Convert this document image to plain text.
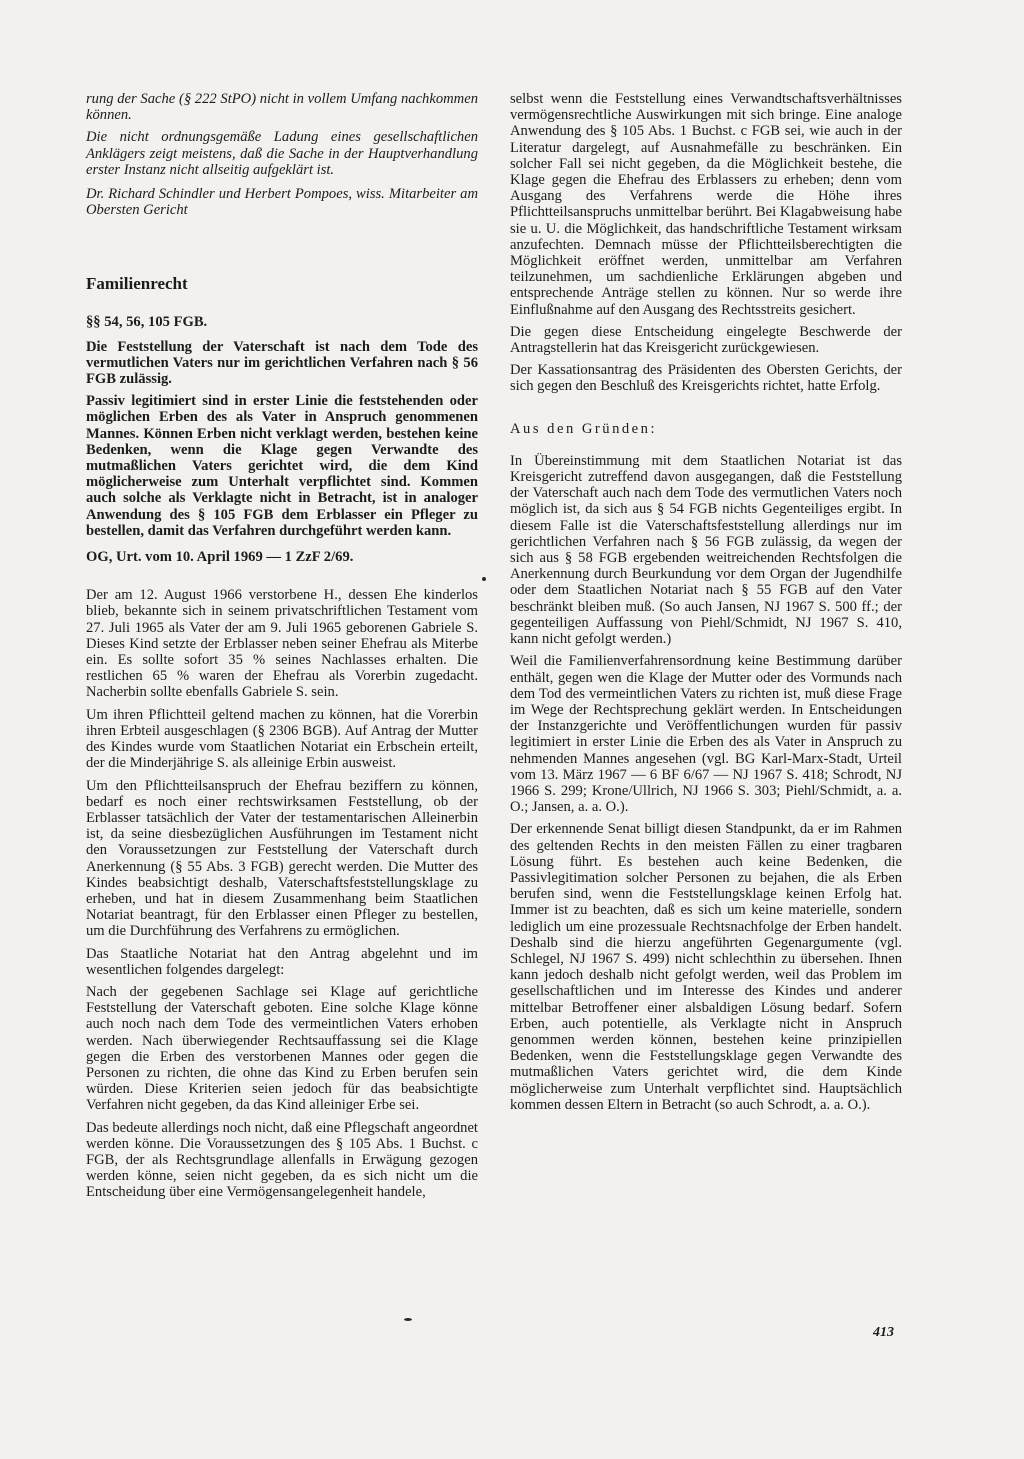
rung der Sache (§ 222 StPO) nicht in vollem Umfang nachkommen können.

Die nicht ordnungsgemäße Ladung eines gesellschaftlichen Anklägers zeigt meistens, daß die Sache in der Hauptverhandlung erster Instanz nicht allseitig aufgeklärt ist.

Dr. Richard Schindler und Herbert Pompoes, wiss. Mitarbeiter am Obersten Gericht

Familienrecht

§§ 54, 56, 105 FGB.

Die Feststellung der Vaterschaft ist nach dem Tode des vermutlichen Vaters nur im gerichtlichen Verfahren nach § 56 FGB zulässig.

Passiv legitimiert sind in erster Linie die feststehenden oder möglichen Erben des als Vater in Anspruch genommenen Mannes. Können Erben nicht verklagt werden, bestehen keine Bedenken, wenn die Klage gegen Verwandte des mutmaßlichen Vaters gerichtet wird, die dem Kind möglicherweise zum Unterhalt verpflichtet sind. Kommen auch solche als Verklagte nicht in Betracht, ist in analoger Anwendung des § 105 FGB dem Erblasser ein Pfleger zu bestellen, damit das Verfahren durchgeführt werden kann.

OG, Urt. vom 10. April 1969 — 1 ZzF 2/69.

Der am 12. August 1966 verstorbene H., dessen Ehe kinderlos blieb, bekannte sich in seinem privatschriftlichen Testament vom 27. Juli 1965 als Vater der am 9. Juli 1965 geborenen Gabriele S. Dieses Kind setzte der Erblasser neben seiner Ehefrau als Miterbe ein. Es sollte sofort 35 % seines Nachlasses erhalten. Die restlichen 65 % waren der Ehefrau als Vorerbin zugedacht. Nacherbin sollte ebenfalls Gabriele S. sein.

Um ihren Pflichtteil geltend machen zu können, hat die Vorerbin ihren Erbteil ausgeschlagen (§ 2306 BGB). Auf Antrag der Mutter des Kindes wurde vom Staatlichen Notariat ein Erbschein erteilt, der die Minderjährige S. als alleinige Erbin ausweist.

Um den Pflichtteilsanspruch der Ehefrau beziffern zu können, bedarf es noch einer rechtswirksamen Feststellung, ob der Erblasser tatsächlich der Vater der testamentarischen Alleinerbin ist, da seine diesbezüglichen Ausführungen im Testament nicht den Voraussetzungen zur Feststellung der Vaterschaft durch Anerkennung (§ 55 Abs. 3 FGB) gerecht werden. Die Mutter des Kindes beabsichtigt deshalb, Vaterschaftsfeststellungsklage zu erheben, und hat in diesem Zusammenhang beim Staatlichen Notariat beantragt, für den Erblasser einen Pfleger zu bestellen, um die Durchführung des Verfahrens zu ermöglichen.

Das Staatliche Notariat hat den Antrag abgelehnt und im wesentlichen folgendes dargelegt:

Nach der gegebenen Sachlage sei Klage auf gerichtliche Feststellung der Vaterschaft geboten. Eine solche Klage könne auch noch nach dem Tode des vermeintlichen Vaters erhoben werden. Nach überwiegender Rechtsauffassung sei die Klage gegen die Erben des verstorbenen Mannes oder gegen die Personen zu richten, die ohne das Kind zu Erben berufen sein würden. Diese Kriterien seien jedoch für das beabsichtigte Verfahren nicht gegeben, da das Kind alleiniger Erbe sei.

Das bedeute allerdings noch nicht, daß eine Pflegschaft angeordnet werden könne. Die Voraussetzungen des § 105 Abs. 1 Buchst. c FGB, der als Rechtsgrundlage allenfalls in Erwägung gezogen werden könne, seien nicht gegeben, da es sich nicht um die Entscheidung über eine Vermögensangelegenheit handele,

selbst wenn die Feststellung eines Verwandtschaftsverhältnisses vermögensrechtliche Auswirkungen mit sich bringe. Eine analoge Anwendung des § 105 Abs. 1 Buchst. c FGB sei, wie auch in der Literatur dargelegt, auf Ausnahmefälle zu beschränken. Ein solcher Fall sei nicht gegeben, da die Möglichkeit bestehe, die Klage gegen die Ehefrau des Erblassers zu erheben; denn vom Ausgang des Verfahrens werde die Höhe ihres Pflichtteilsanspruchs unmittelbar berührt. Bei Klagabweisung habe sie u. U. die Möglichkeit, das handschriftliche Testament wirksam anzufechten. Demnach müsse der Pflichtteilsberechtigten die Möglichkeit eröffnet werden, unmittelbar am Verfahren teilzunehmen, um sachdienliche Erklärungen abgeben und entsprechende Anträge stellen zu können. Nur so werde ihre Einflußnahme auf den Ausgang des Rechtsstreits gesichert.

Die gegen diese Entscheidung eingelegte Beschwerde der Antragstellerin hat das Kreisgericht zurückgewiesen.

Der Kassationsantrag des Präsidenten des Obersten Gerichts, der sich gegen den Beschluß des Kreisgerichts richtet, hatte Erfolg.

Aus den Gründen:

In Übereinstimmung mit dem Staatlichen Notariat ist das Kreisgericht zutreffend davon ausgegangen, daß die Feststellung der Vaterschaft auch nach dem Tode des vermutlichen Vaters noch möglich ist, da sich aus § 54 FGB nichts Gegenteiliges ergibt. In diesem Falle ist die Vaterschaftsfeststellung allerdings nur im gerichtlichen Verfahren nach § 56 FGB zulässig, da wegen der sich aus § 58 FGB ergebenden weitreichenden Rechtsfolgen die Anerkennung durch Beurkundung vor dem Organ der Jugendhilfe oder dem Staatlichen Notariat nach § 55 FGB auf den Vater beschränkt bleiben muß. (So auch Jansen, NJ 1967 S. 500 ff.; der gegenteiligen Auffassung von Piehl/Schmidt, NJ 1967 S. 410, kann nicht gefolgt werden.)

Weil die Familienverfahrensordnung keine Bestimmung darüber enthält, gegen wen die Klage der Mutter oder des Vormunds nach dem Tod des vermeintlichen Vaters zu richten ist, muß diese Frage im Wege der Rechtsprechung geklärt werden. In Entscheidungen der Instanzgerichte und Veröffentlichungen wurden für passiv legitimiert in erster Linie die Erben des als Vater in Anspruch zu nehmenden Mannes angesehen (vgl. BG Karl-Marx-Stadt, Urteil vom 13. März 1967 — 6 BF 6/67 — NJ 1967 S. 418; Schrodt, NJ 1966 S. 299; Krone/Ullrich, NJ 1966 S. 303; Piehl/Schmidt, a. a. O.; Jansen, a. a. O.).

Der erkennende Senat billigt diesen Standpunkt, da er im Rahmen des geltenden Rechts in den meisten Fällen zu einer tragbaren Lösung führt. Es bestehen auch keine Bedenken, die Passivlegitimation solcher Personen zu bejahen, die als Erben berufen sind, wenn die Feststellungsklage keinen Erfolg hat. Immer ist zu beachten, daß es sich um keine materielle, sondern lediglich um eine prozessuale Rechtsnachfolge der Erben handelt. Deshalb sind die hierzu angeführten Gegenargumente (vgl. Schlegel, NJ 1967 S. 499) nicht schlechthin zu übersehen. Ihnen kann jedoch deshalb nicht gefolgt werden, weil das Problem im gesellschaftlichen und im Interesse des Kindes und anderer mittelbar Betroffener einer alsbaldigen Lösung bedarf. Sofern Erben, auch potentielle, als Verklagte nicht in Anspruch genommen werden können, bestehen keine prinzipiellen Bedenken, wenn die Feststellungsklage gegen Verwandte des mutmaßlichen Vaters gerichtet wird, die dem Kinde möglicherweise zum Unterhalt verpflichtet sind. Hauptsächlich kommen dessen Eltern in Betracht (so auch Schrodt, a. a. O.).

413
